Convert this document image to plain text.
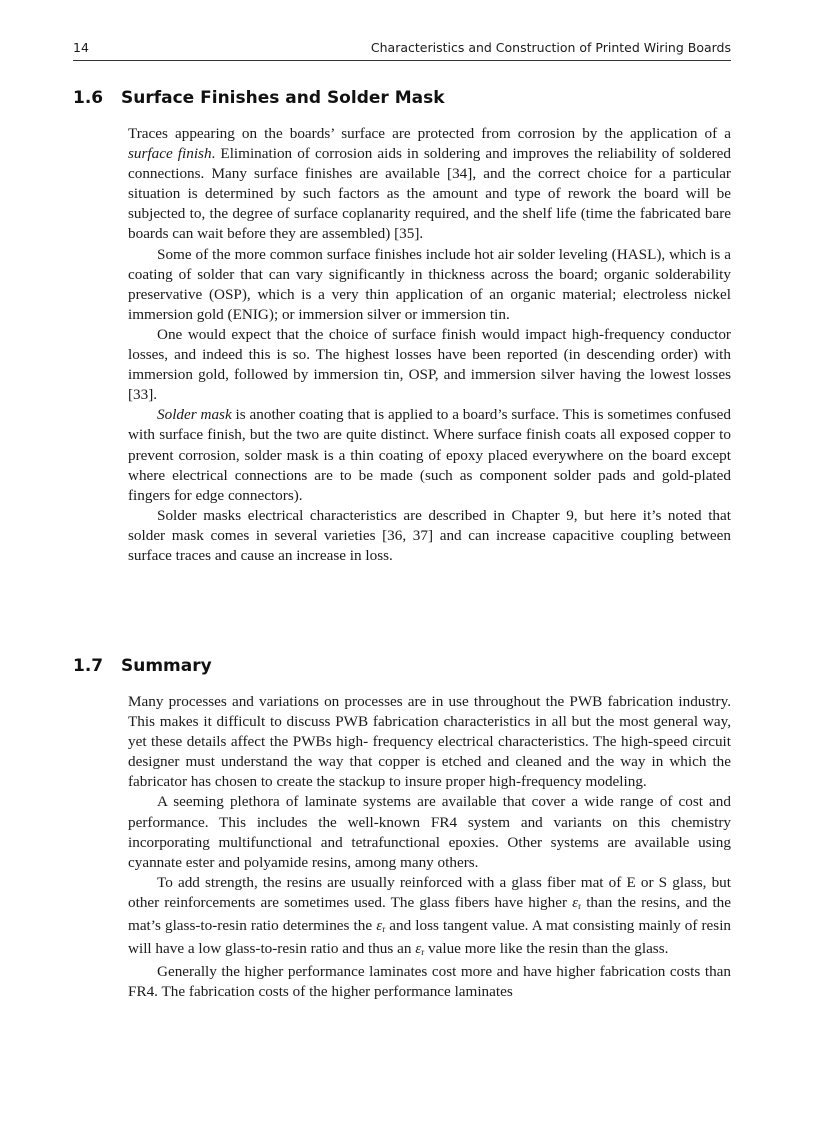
14	Characteristics and Construction of Printed Wiring Boards
1.6 Surface Finishes and Solder Mask

Traces appearing on the boards’ surface are protected from corrosion by the application of a surface finish. Elimination of corrosion aids in soldering and improves the reliability of soldered connections. Many surface finishes are available [34], and the correct choice for a particular situation is determined by such factors as the amount and type of rework the board will be subjected to, the degree of surface coplanarity required, and the shelf life (time the fabricated bare boards can wait before they are assembled) [35].

Some of the more common surface finishes include hot air solder leveling (HASL), which is a coating of solder that can vary significantly in thickness across the board; organic solderability preservative (OSP), which is a very thin application of an organic material; electroless nickel immersion gold (ENIG); or immersion silver or immersion tin.

One would expect that the choice of surface finish would impact high-frequency conductor losses, and indeed this is so. The highest losses have been reported (in descending order) with immersion gold, followed by immersion tin, OSP, and immersion silver having the lowest losses [33].

Solder mask is another coating that is applied to a board’s surface. This is sometimes confused with surface finish, but the two are quite distinct. Where surface finish coats all exposed copper to prevent corrosion, solder mask is a thin coating of epoxy placed everywhere on the board except where electrical connections are to be made (such as component solder pads and gold-plated fingers for edge connectors).

Solder masks electrical characteristics are described in Chapter 9, but here it’s noted that solder mask comes in several varieties [36, 37] and can increase capacitive coupling between surface traces and cause an increase in loss.

1.7 Summary

Many processes and variations on processes are in use throughout the PWB fabrication industry. This makes it difficult to discuss PWB fabrication characteristics in all but the most general way, yet these details affect the PWBs high- frequency electrical characteristics. The high-speed circuit designer must understand the way that copper is etched and cleaned and the way in which the fabricator has chosen to create the stackup to insure proper high-frequency modeling.

A seeming plethora of laminate systems are available that cover a wide range of cost and performance. This includes the well-known FR4 system and variants on this chemistry incorporating multifunctional and tetrafunctional epoxies. Other systems are available using cyannate ester and polyamide resins, among many others.

To add strength, the resins are usually reinforced with a glass fiber mat of E or S glass, but other reinforcements are sometimes used. The glass fibers have higher $\varepsilon_r$ than the resins, and the mat’s glass-to-resin ratio determines the $\varepsilon_r$ and loss tangent value. A mat consisting mainly of resin will have a low glass-to-resin ratio and thus an $\varepsilon_r$ value more like the resin than the glass.

Generally the higher performance laminates cost more and have higher fabrication costs than FR4. The fabrication costs of the higher performance laminates
